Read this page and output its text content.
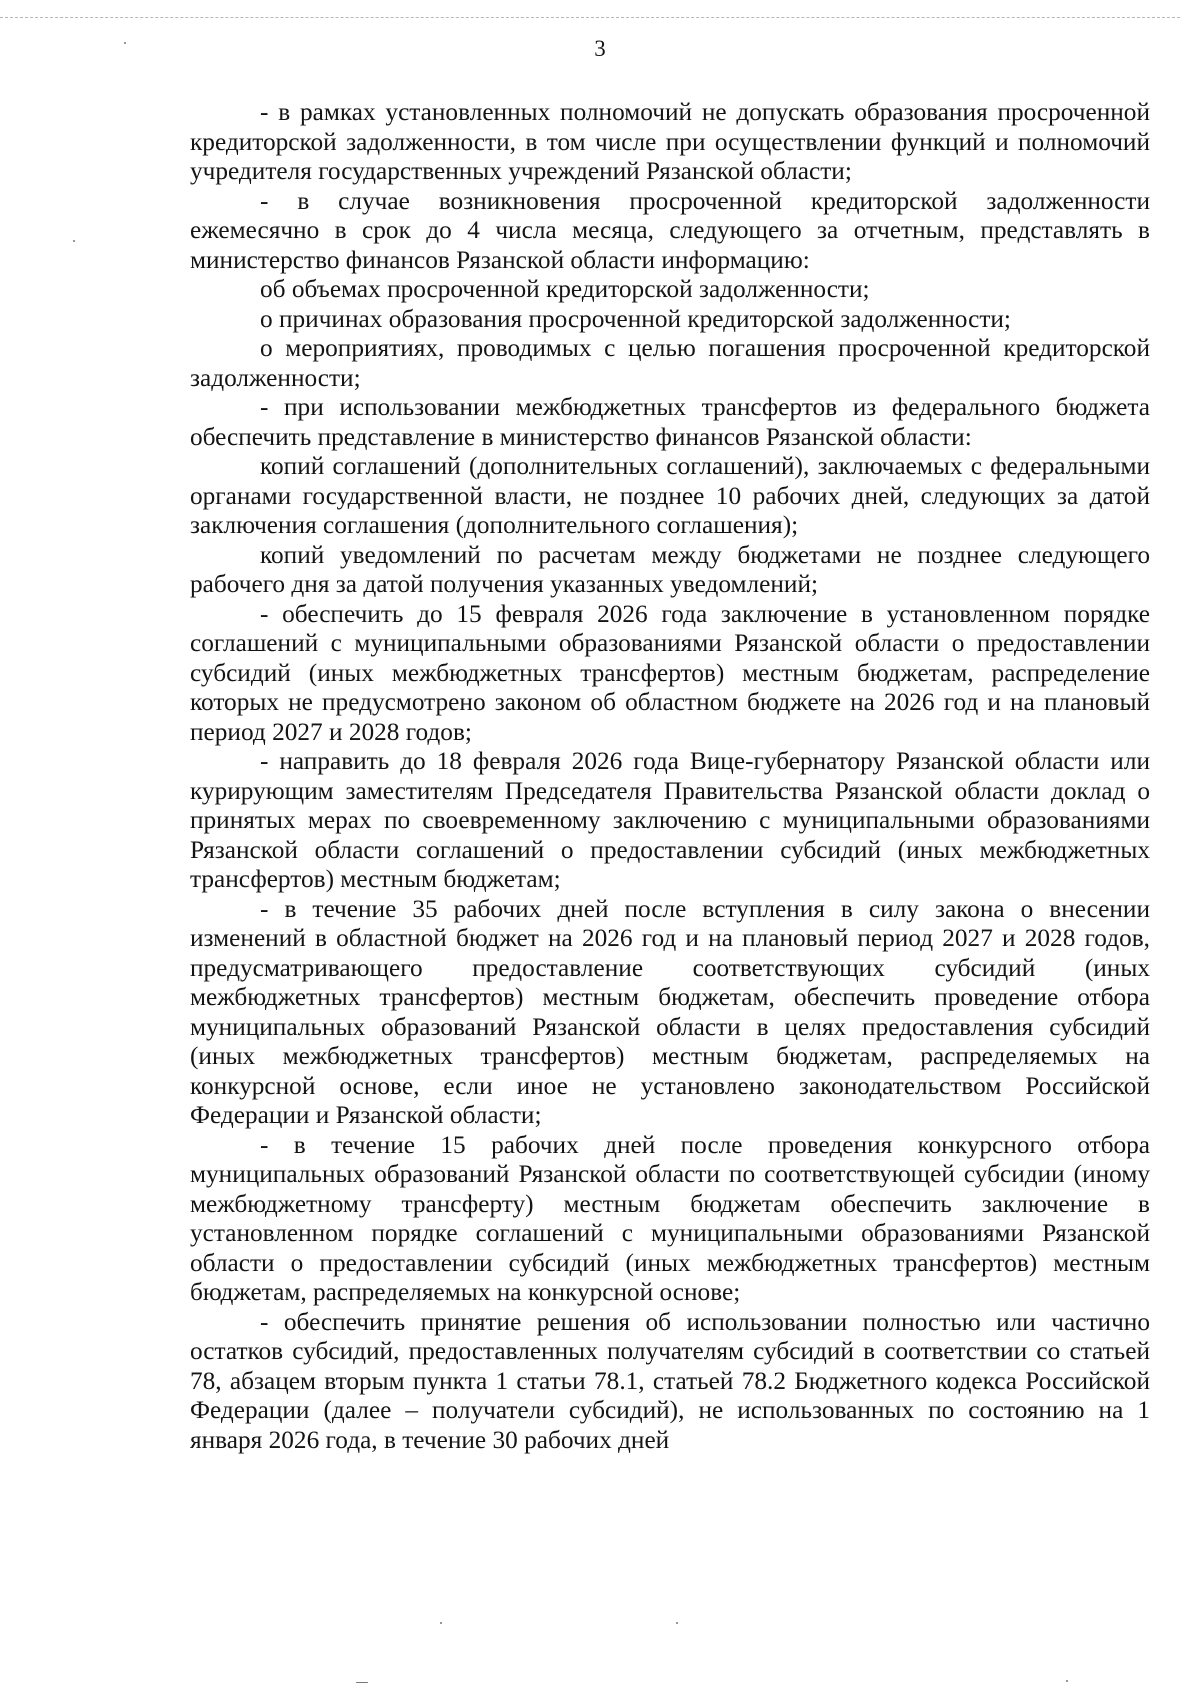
3

- в рамках установленных полномочий не допускать образования просроченной кредиторской задолженности, в том числе при осуществлении функций и полномочий учредителя государственных учреждений Рязанской области;

- в случае возникновения просроченной кредиторской задолженности ежемесячно в срок до 4 числа месяца, следующего за отчетным, представлять в министерство финансов Рязанской области информацию:

об объемах просроченной кредиторской задолженности;

о причинах образования просроченной кредиторской задолженности;

о мероприятиях, проводимых с целью погашения просроченной кредиторской задолженности;

- при использовании межбюджетных трансфертов из федерального бюджета обеспечить представление в министерство финансов Рязанской области:

копий соглашений (дополнительных соглашений), заключаемых с федеральными органами государственной власти, не позднее 10 рабочих дней, следующих за датой заключения соглашения (дополнительного соглашения);

копий уведомлений по расчетам между бюджетами не позднее следующего рабочего дня за датой получения указанных уведомлений;

- обеспечить до 15 февраля 2026 года заключение в установленном порядке соглашений с муниципальными образованиями Рязанской области о предоставлении субсидий (иных межбюджетных трансфертов) местным бюджетам, распределение которых не предусмотрено законом об областном бюджете на 2026 год и на плановый период 2027 и 2028 годов;

- направить до 18 февраля 2026 года Вице-губернатору Рязанской области или курирующим заместителям Председателя Правительства Рязанской области доклад о принятых мерах по своевременному заключению с муниципальными образованиями Рязанской области соглашений о предоставлении субсидий (иных межбюджетных трансфертов) местным бюджетам;

- в течение 35 рабочих дней после вступления в силу закона о внесении изменений в областной бюджет на 2026 год и на плановый период 2027 и 2028 годов, предусматривающего предоставление соответствующих субсидий (иных межбюджетных трансфертов) местным бюджетам, обеспечить проведение отбора муниципальных образований Рязанской области в целях предоставления субсидий (иных межбюджетных трансфертов) местным бюджетам, распределяемых на конкурсной основе, если иное не установлено законодательством Российской Федерации и Рязанской области;

- в течение 15 рабочих дней после проведения конкурсного отбора муниципальных образований Рязанской области по соответствующей субсидии (иному межбюджетному трансферту) местным бюджетам обеспечить заключение в установленном порядке соглашений с муниципальными образованиями Рязанской области о предоставлении субсидий (иных межбюджетных трансфертов) местным бюджетам, распределяемых на конкурсной основе;

- обеспечить принятие решения об использовании полностью или частично остатков субсидий, предоставленных получателям субсидий в соответствии со статьей 78, абзацем вторым пункта 1 статьи 78.1, статьей 78.2 Бюджетного кодекса Российской Федерации (далее – получатели субсидий), не использованных по состоянию на 1 января 2026 года, в течение 30 рабочих дней
